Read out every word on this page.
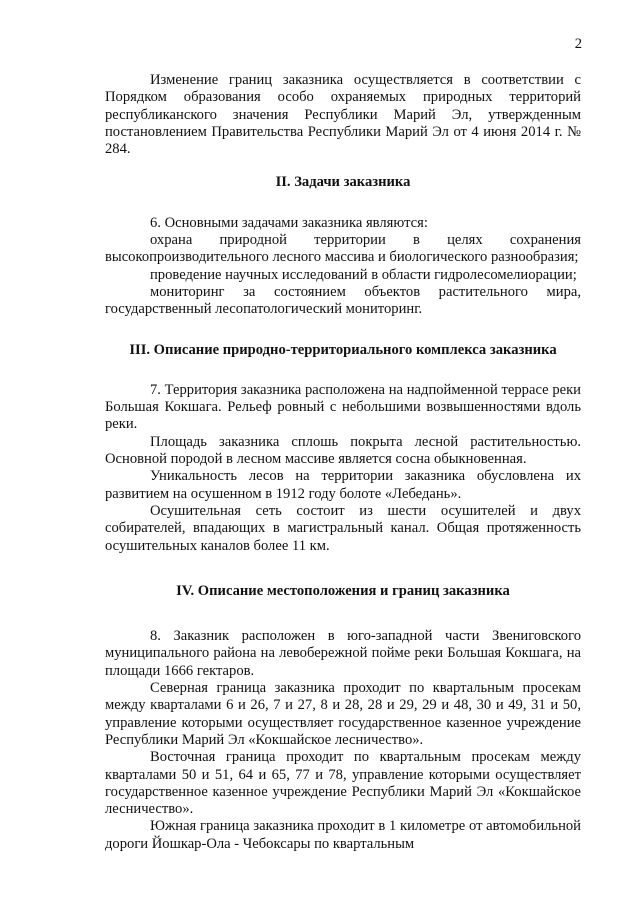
2

Изменение границ заказника осуществляется в соответствии с Порядком образования особо охраняемых природных территорий республиканского значения Республики Марий Эл, утвержденным постановлением Правительства Республики Марий Эл от 4 июня 2014 г. № 284.

II. Задачи заказника

6. Основными задачами заказника являются:

охрана природной территории в целях сохранения высокопроизводительного лесного массива и биологического разнообразия;

проведение научных исследований в области гидролесомелиорации;

мониторинг за состоянием объектов растительного мира, государственный лесопатологический мониторинг.

III. Описание природно-территориального комплекса заказника

7. Территория заказника расположена на надпойменной террасе реки Большая Кокшага. Рельеф ровный с небольшими возвышенностями вдоль реки.

Площадь заказника сплошь покрыта лесной растительностью. Основной породой в лесном массиве является сосна обыкновенная.

Уникальность лесов на территории заказника обусловлена их развитием на осушенном в 1912 году болоте «Лебедань».

Осушительная сеть состоит из шести осушителей и двух собирателей, впадающих в магистральный канал. Общая протяженность осушительных каналов более 11 км.

IV. Описание местоположения и границ заказника

8. Заказник расположен в юго-западной части Звениговского муниципального района на левобережной пойме реки Большая Кокшага, на площади 1666 гектаров.

Северная граница заказника проходит по квартальным просекам между кварталами 6 и 26, 7 и 27, 8 и 28, 28 и 29, 29 и 48, 30 и 49, 31 и 50, управление которыми осуществляет государственное казенное учреждение Республики Марий Эл «Кокшайское лесничество».

Восточная граница проходит по квартальным просекам между кварталами 50 и 51, 64 и 65, 77 и 78, управление которыми осуществляет государственное казенное учреждение Республики Марий Эл «Кокшайское лесничество».

Южная граница заказника проходит в 1 километре от автомобильной дороги Йошкар-Ола - Чебоксары по квартальным
